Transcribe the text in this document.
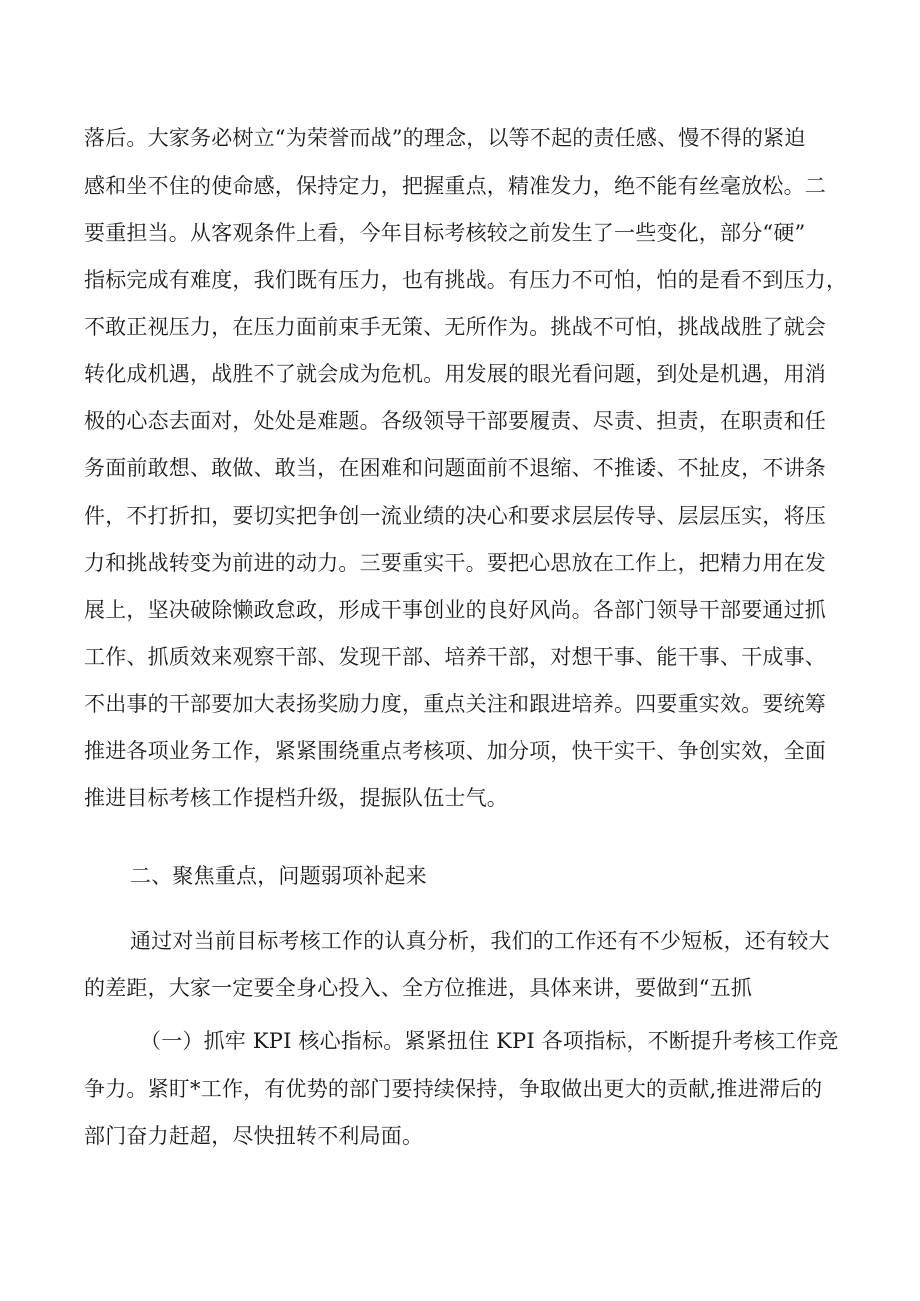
落后。大家务必树立“为荣誉而战”的理念，以等不起的责任感、慢不得的紧迫
感和坐不住的使命感，保持定力，把握重点，精准发力，绝不能有丝毫放松。二
要重担当。从客观条件上看，今年目标考核较之前发生了一些变化，部分“硬”
指标完成有难度，我们既有压力，也有挑战。有压力不可怕，怕的是看不到压力，
不敢正视压力，在压力面前束手无策、无所作为。挑战不可怕，挑战战胜了就会
转化成机遇，战胜不了就会成为危机。用发展的眼光看问题，到处是机遇，用消
极的心态去面对，处处是难题。各级领导干部要履责、尽责、担责，在职责和任
务面前敢想、敢做、敢当，在困难和问题面前不退缩、不推诿、不扯皮，不讲条
件，不打折扣，要切实把争创一流业绩的决心和要求层层传导、层层压实，将压
力和挑战转变为前进的动力。三要重实干。要把心思放在工作上，把精力用在发
展上，坚决破除懒政怠政，形成干事创业的良好风尚。各部门领导干部要通过抓
工作、抓质效来观察干部、发现干部、培养干部，对想干事、能干事、干成事、
不出事的干部要加大表扬奖励力度，重点关注和跟进培养。四要重实效。要统筹
推进各项业务工作，紧紧围绕重点考核项、加分项，快干实干、争创实效，全面
推进目标考核工作提档升级，提振队伍士气。
二、聚焦重点，问题弱项补起来
通过对当前目标考核工作的认真分析，我们的工作还有不少短板，还有较大
的差距，大家一定要全身心投入、全方位推进，具体来讲，要做到“五抓
（一）抓牢 KPI 核心指标。紧紧扭住 KPI 各项指标，不断提升考核工作竞
争力。紧盯*工作，有优势的部门要持续保持，争取做出更大的贡献,推进滞后的
部门奋力赶超，尽快扭转不利局面。
